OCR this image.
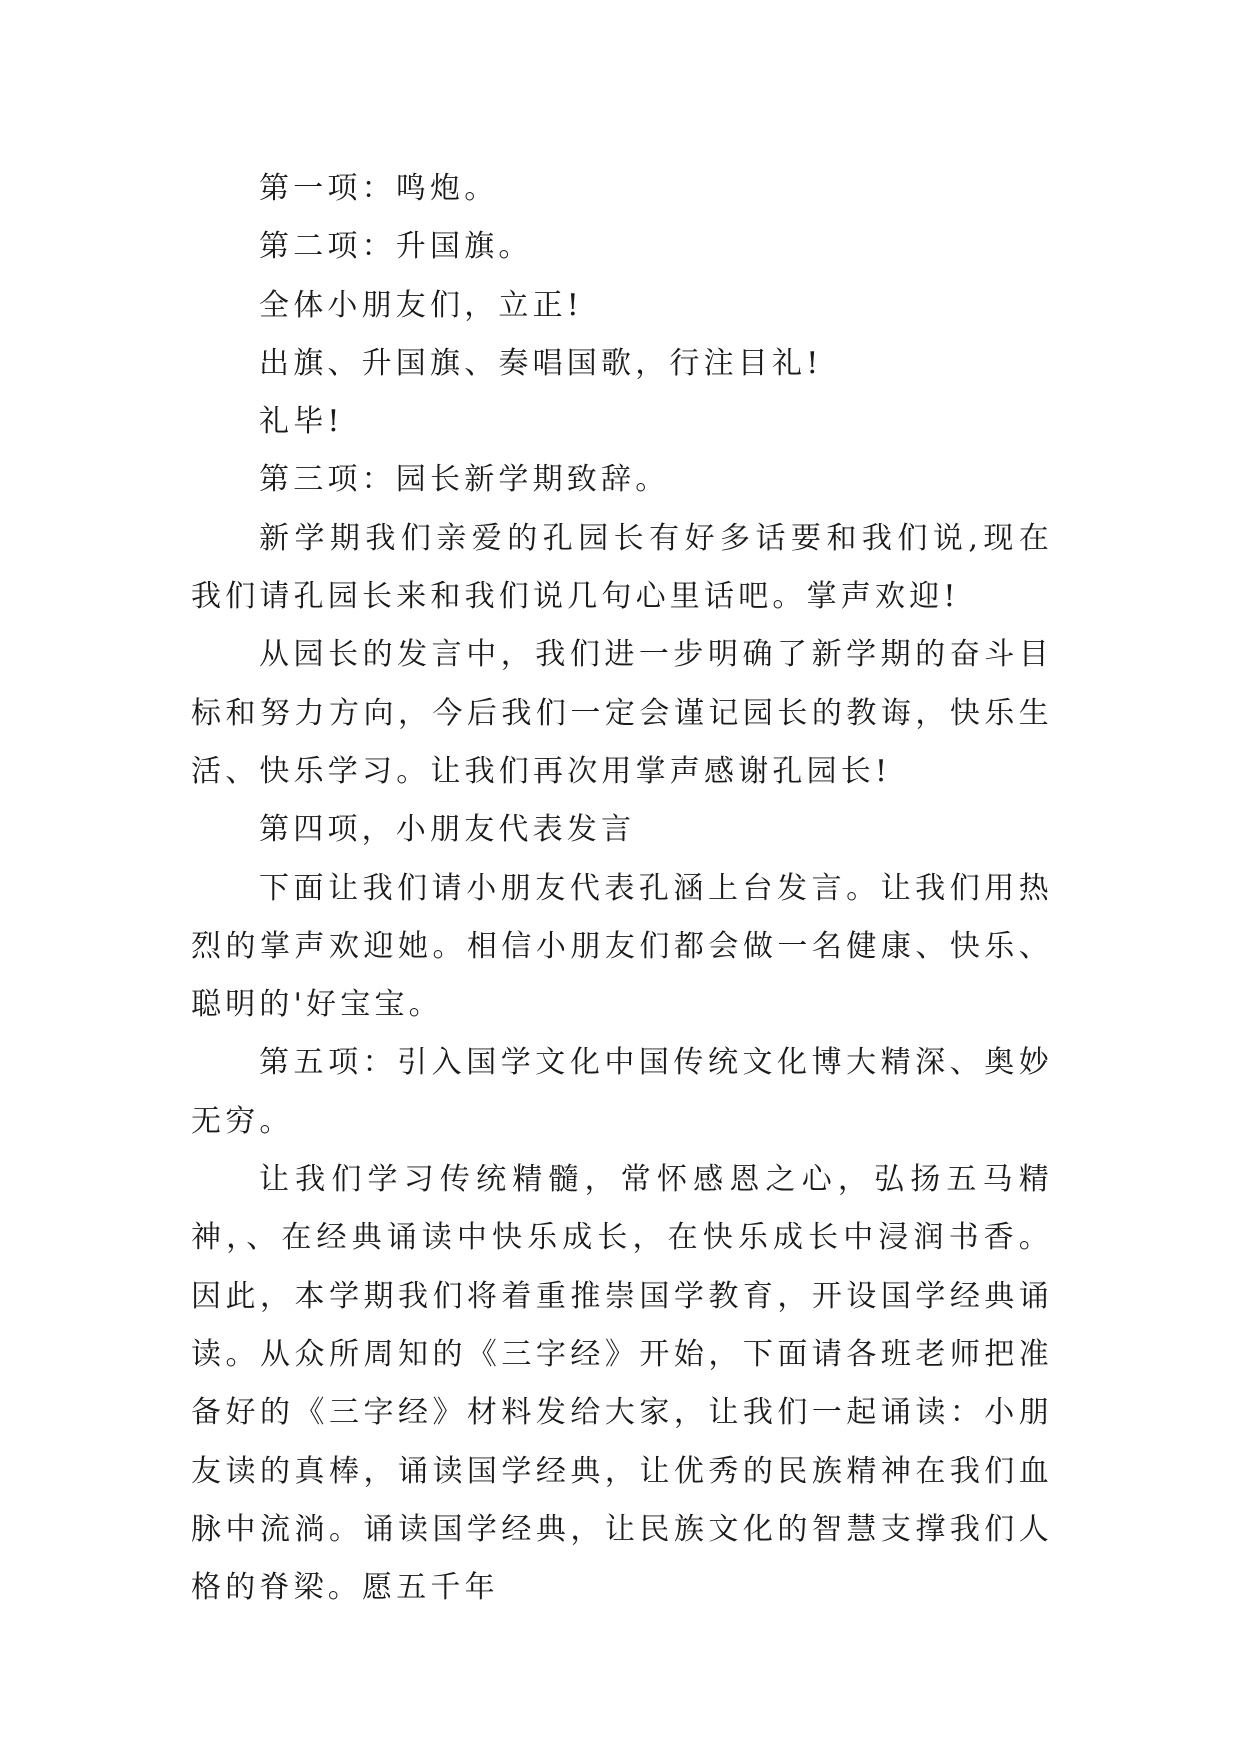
第一项：鸣炮。

第二项：升国旗。

全体小朋友们，立正!

出旗、升国旗、奏唱国歌，行注目礼!

礼毕!

第三项：园长新学期致辞。

新学期我们亲爱的孔园长有好多话要和我们说,现在我们请孔园长来和我们说几句心里话吧。掌声欢迎!

从园长的发言中，我们进一步明确了新学期的奋斗目标和努力方向，今后我们一定会谨记园长的教诲，快乐生活、快乐学习。让我们再次用掌声感谢孔园长!

第四项，小朋友代表发言

下面让我们请小朋友代表孔涵上台发言。让我们用热烈的掌声欢迎她。相信小朋友们都会做一名健康、快乐、聪明的'好宝宝。

第五项：引入国学文化中国传统文化博大精深、奥妙无穷。

让我们学习传统精髓，常怀感恩之心，弘扬五马精神，、在经典诵读中快乐成长，在快乐成长中浸润书香。因此，本学期我们将着重推崇国学教育，开设国学经典诵读。从众所周知的《三字经》开始，下面请各班老师把准备好的《三字经》材料发给大家，让我们一起诵读：小朋友读的真棒，诵读国学经典，让优秀的民族精神在我们血脉中流淌。诵读国学经典，让民族文化的智慧支撑我们人格的脊梁。愿五千年
